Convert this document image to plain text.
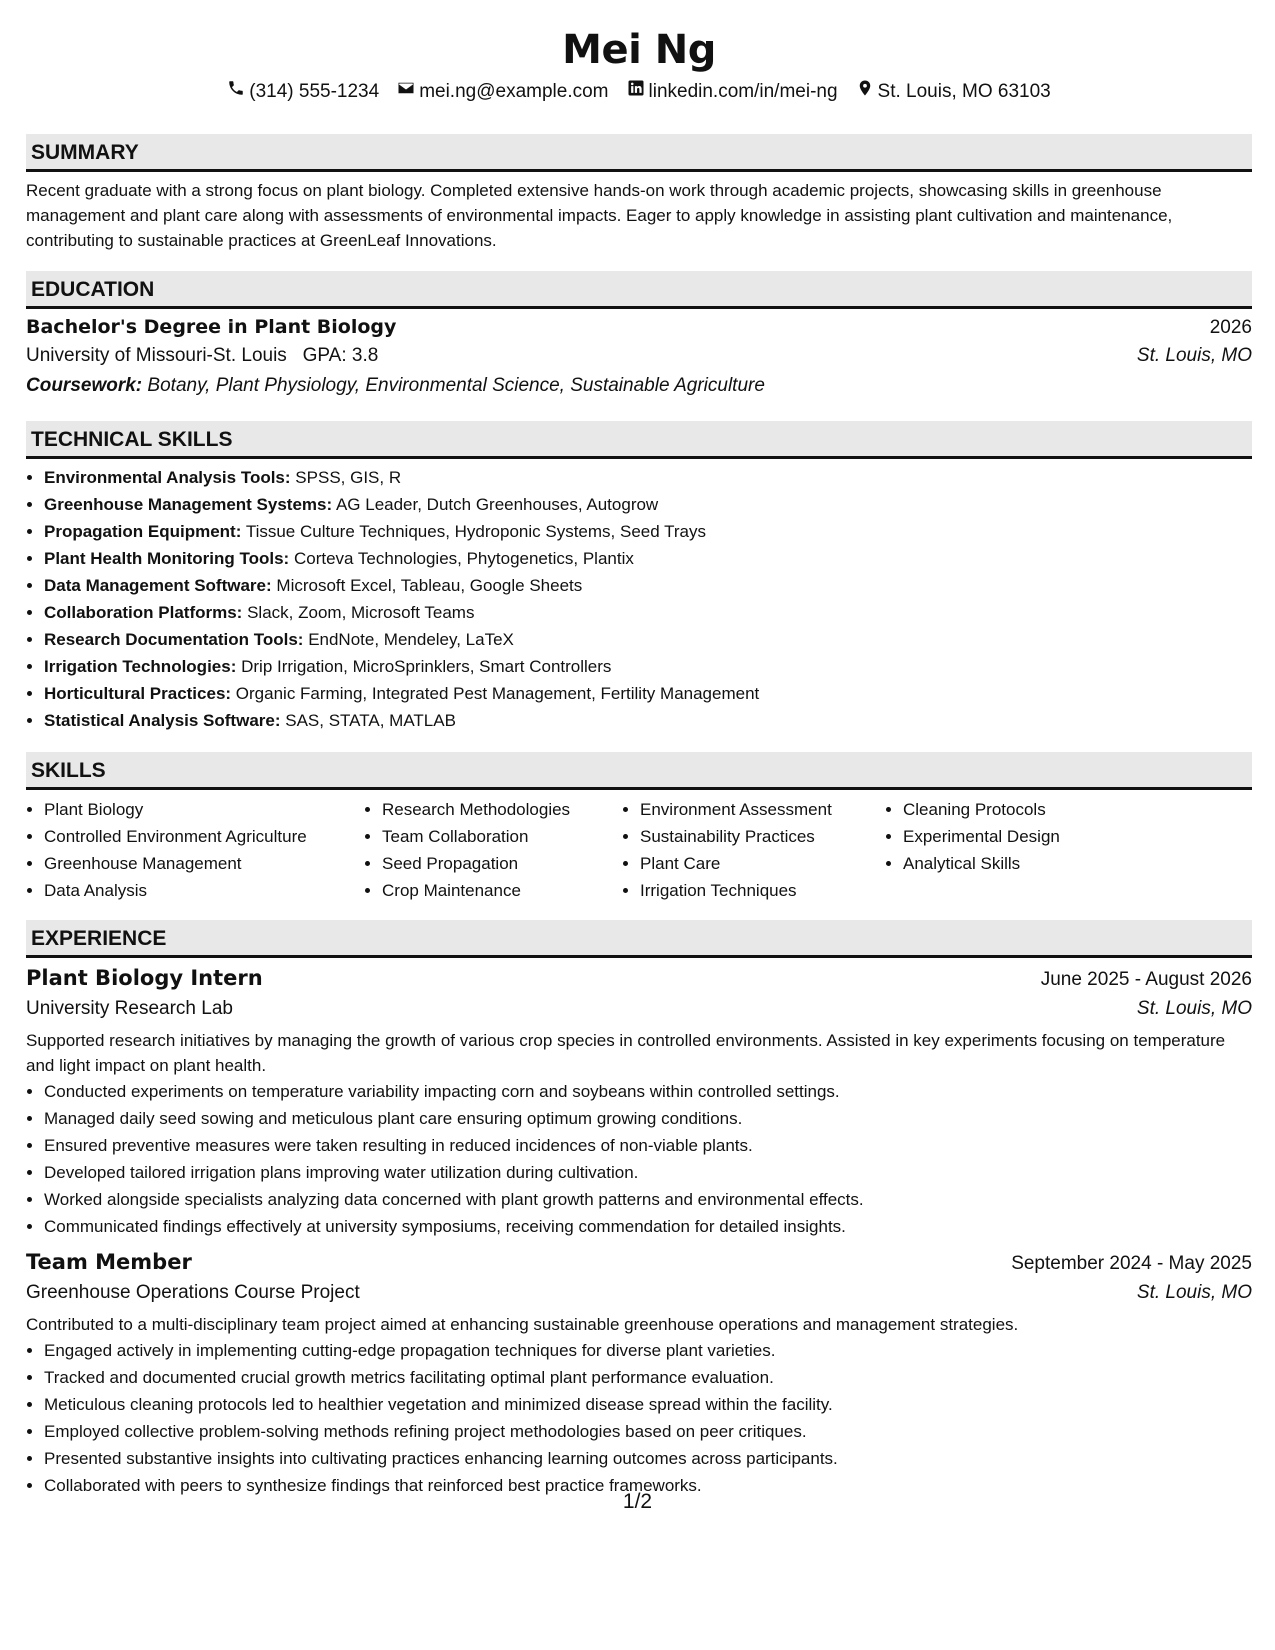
Mei Ng
(314) 555-1234 mei.ng@example.com linkedin.com/in/mei-ng St. Louis, MO 63103
SUMMARY
Recent graduate with a strong focus on plant biology. Completed extensive hands-on work through academic projects, showcasing skills in greenhouse management and plant care along with assessments of environmental impacts. Eager to apply knowledge in assisting plant cultivation and maintenance, contributing to sustainable practices at GreenLeaf Innovations.
EDUCATION
Bachelor's Degree in Plant Biology	2026
University of Missouri-St. Louis GPA: 3.8	St. Louis, MO
Coursework: Botany, Plant Physiology, Environmental Science, Sustainable Agriculture
TECHNICAL SKILLS
• Environmental Analysis Tools: SPSS, GIS, R
• Greenhouse Management Systems: AG Leader, Dutch Greenhouses, Autogrow
• Propagation Equipment: Tissue Culture Techniques, Hydroponic Systems, Seed Trays
• Plant Health Monitoring Tools: Corteva Technologies, Phytogenetics, Plantix
• Data Management Software: Microsoft Excel, Tableau, Google Sheets
• Collaboration Platforms: Slack, Zoom, Microsoft Teams
• Research Documentation Tools: EndNote, Mendeley, LaTeX
• Irrigation Technologies: Drip Irrigation, MicroSprinklers, Smart Controllers
• Horticultural Practices: Organic Farming, Integrated Pest Management, Fertility Management
• Statistical Analysis Software: SAS, STATA, MATLAB
SKILLS
• Plant Biology
• Controlled Environment Agriculture
• Greenhouse Management
• Data Analysis
• Research Methodologies
• Team Collaboration
• Seed Propagation
• Crop Maintenance
• Environment Assessment
• Sustainability Practices
• Plant Care
• Irrigation Techniques
• Cleaning Protocols
• Experimental Design
• Analytical Skills
EXPERIENCE
Plant Biology Intern	June 2025 - August 2026
University Research Lab	St. Louis, MO
Supported research initiatives by managing the growth of various crop species in controlled environments. Assisted in key experiments focusing on temperature and light impact on plant health.
• Conducted experiments on temperature variability impacting corn and soybeans within controlled settings.
• Managed daily seed sowing and meticulous plant care ensuring optimum growing conditions.
• Ensured preventive measures were taken resulting in reduced incidences of non-viable plants.
• Developed tailored irrigation plans improving water utilization during cultivation.
• Worked alongside specialists analyzing data concerned with plant growth patterns and environmental effects.
• Communicated findings effectively at university symposiums, receiving commendation for detailed insights.
Team Member	September 2024 - May 2025
Greenhouse Operations Course Project	St. Louis, MO
Contributed to a multi-disciplinary team project aimed at enhancing sustainable greenhouse operations and management strategies.
• Engaged actively in implementing cutting-edge propagation techniques for diverse plant varieties.
• Tracked and documented crucial growth metrics facilitating optimal plant performance evaluation.
• Meticulous cleaning protocols led to healthier vegetation and minimized disease spread within the facility.
• Employed collective problem-solving methods refining project methodologies based on peer critiques.
• Presented substantive insights into cultivating practices enhancing learning outcomes across participants.
• Collaborated with peers to synthesize findings that reinforced best practice frameworks.
1/2
